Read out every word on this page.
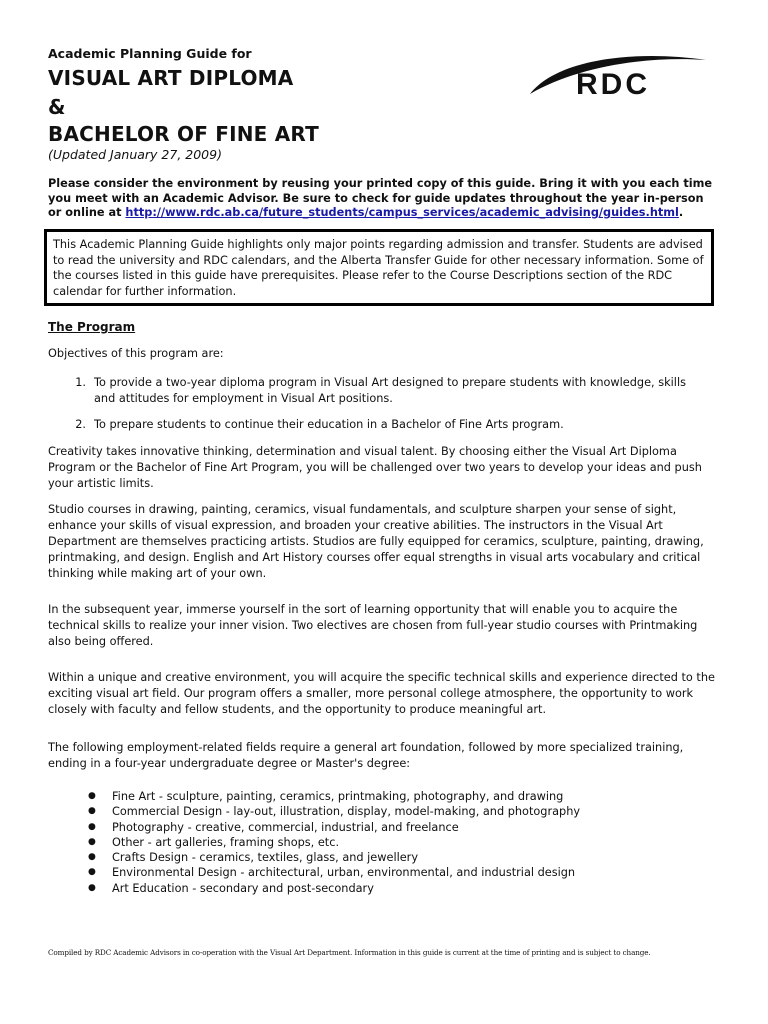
Academic Planning Guide for
VISUAL ART DIPLOMA
&
BACHELOR OF FINE ART
(Updated January 27, 2009)
RDC
Please consider the environment by reusing your printed copy of this guide. Bring it with you each time you meet with an Academic Advisor. Be sure to check for guide updates throughout the year in-person or online at http://www.rdc.ab.ca/future_students/campus_services/academic_advising/guides.html.
This Academic Planning Guide highlights only major points regarding admission and transfer. Students are advised to read the university and RDC calendars, and the Alberta Transfer Guide for other necessary information. Some of the courses listed in this guide have prerequisites. Please refer to the Course Descriptions section of the RDC calendar for further information.
The Program
Objectives of this program are:
1. To provide a two-year diploma program in Visual Art designed to prepare students with knowledge, skills and attitudes for employment in Visual Art positions.
2. To prepare students to continue their education in a Bachelor of Fine Arts program.
Creativity takes innovative thinking, determination and visual talent. By choosing either the Visual Art Diploma Program or the Bachelor of Fine Art Program, you will be challenged over two years to develop your ideas and push your artistic limits.
Studio courses in drawing, painting, ceramics, visual fundamentals, and sculpture sharpen your sense of sight, enhance your skills of visual expression, and broaden your creative abilities. The instructors in the Visual Art Department are themselves practicing artists. Studios are fully equipped for ceramics, sculpture, painting, drawing, printmaking, and design. English and Art History courses offer equal strengths in visual arts vocabulary and critical thinking while making art of your own.
In the subsequent year, immerse yourself in the sort of learning opportunity that will enable you to acquire the technical skills to realize your inner vision. Two electives are chosen from full-year studio courses with Printmaking also being offered.
Within a unique and creative environment, you will acquire the specific technical skills and experience directed to the exciting visual art field. Our program offers a smaller, more personal college atmosphere, the opportunity to work closely with faculty and fellow students, and the opportunity to produce meaningful art.
The following employment-related fields require a general art foundation, followed by more specialized training, ending in a four-year undergraduate degree or Master's degree:
●	Fine Art - sculpture, painting, ceramics, printmaking, photography, and drawing
●	Commercial Design - lay-out, illustration, display, model-making, and photography
●	Photography - creative, commercial, industrial, and freelance
●	Other - art galleries, framing shops, etc.
●	Crafts Design - ceramics, textiles, glass, and jewellery
●	Environmental Design - architectural, urban, environmental, and industrial design
●	Art Education - secondary and post-secondary
Compiled by RDC Academic Advisors in co-operation with the Visual Art Department. Information in this guide is current at the time of printing and is subject to change.
